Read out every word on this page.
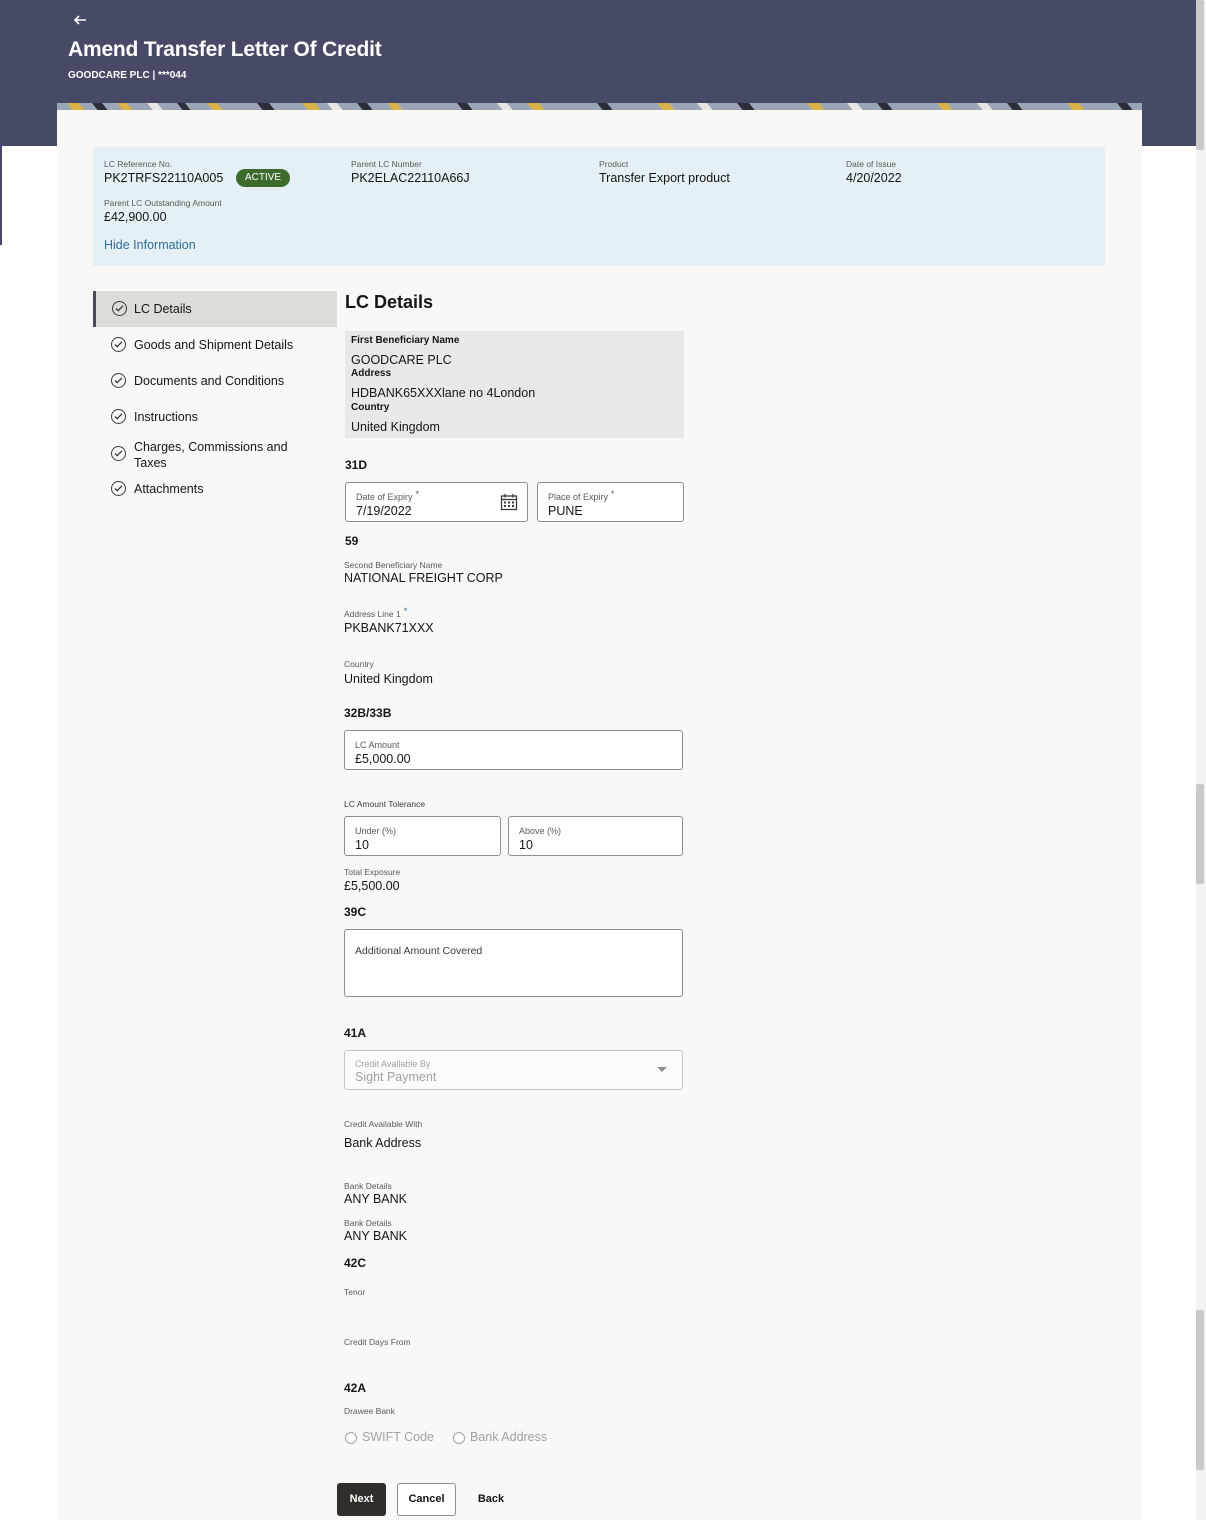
Amend Transfer Letter Of Credit
GOODCARE PLC | ***044
LC Reference No.
PK2TRFS22110A005	ACTIVE
Parent LC Number
PK2ELAC22110A66J
Product
Transfer Export product
Date of Issue
4/20/2022
Parent LC Outstanding Amount
£42,900.00
Hide Information
LC Details
Goods and Shipment Details
Documents and Conditions
Instructions
Charges, Commissions and Taxes
Attachments
LC Details
First Beneficiary Name
GOODCARE PLC
Address
HDBANK65XXXlane no 4London
Country
United Kingdom
31D
Date of Expiry *
7/19/2022
Place of Expiry *
PUNE
59
Second Beneficiary Name
NATIONAL FREIGHT CORP
Address Line 1 *
PKBANK71XXX
Country
United Kingdom
32B/33B
LC Amount
£5,000.00
LC Amount Tolerance
Under (%)
10
Above (%)
10
Total Exposure
£5,500.00
39C
Additional Amount Covered
41A
Credit Available By
Sight Payment
Credit Available With
Bank Address
Bank Details
ANY BANK
Bank Details
ANY BANK
42C
Tenor
Credit Days From
42A
Drawee Bank
SWIFT Code	Bank Address
Next	Cancel	Back
